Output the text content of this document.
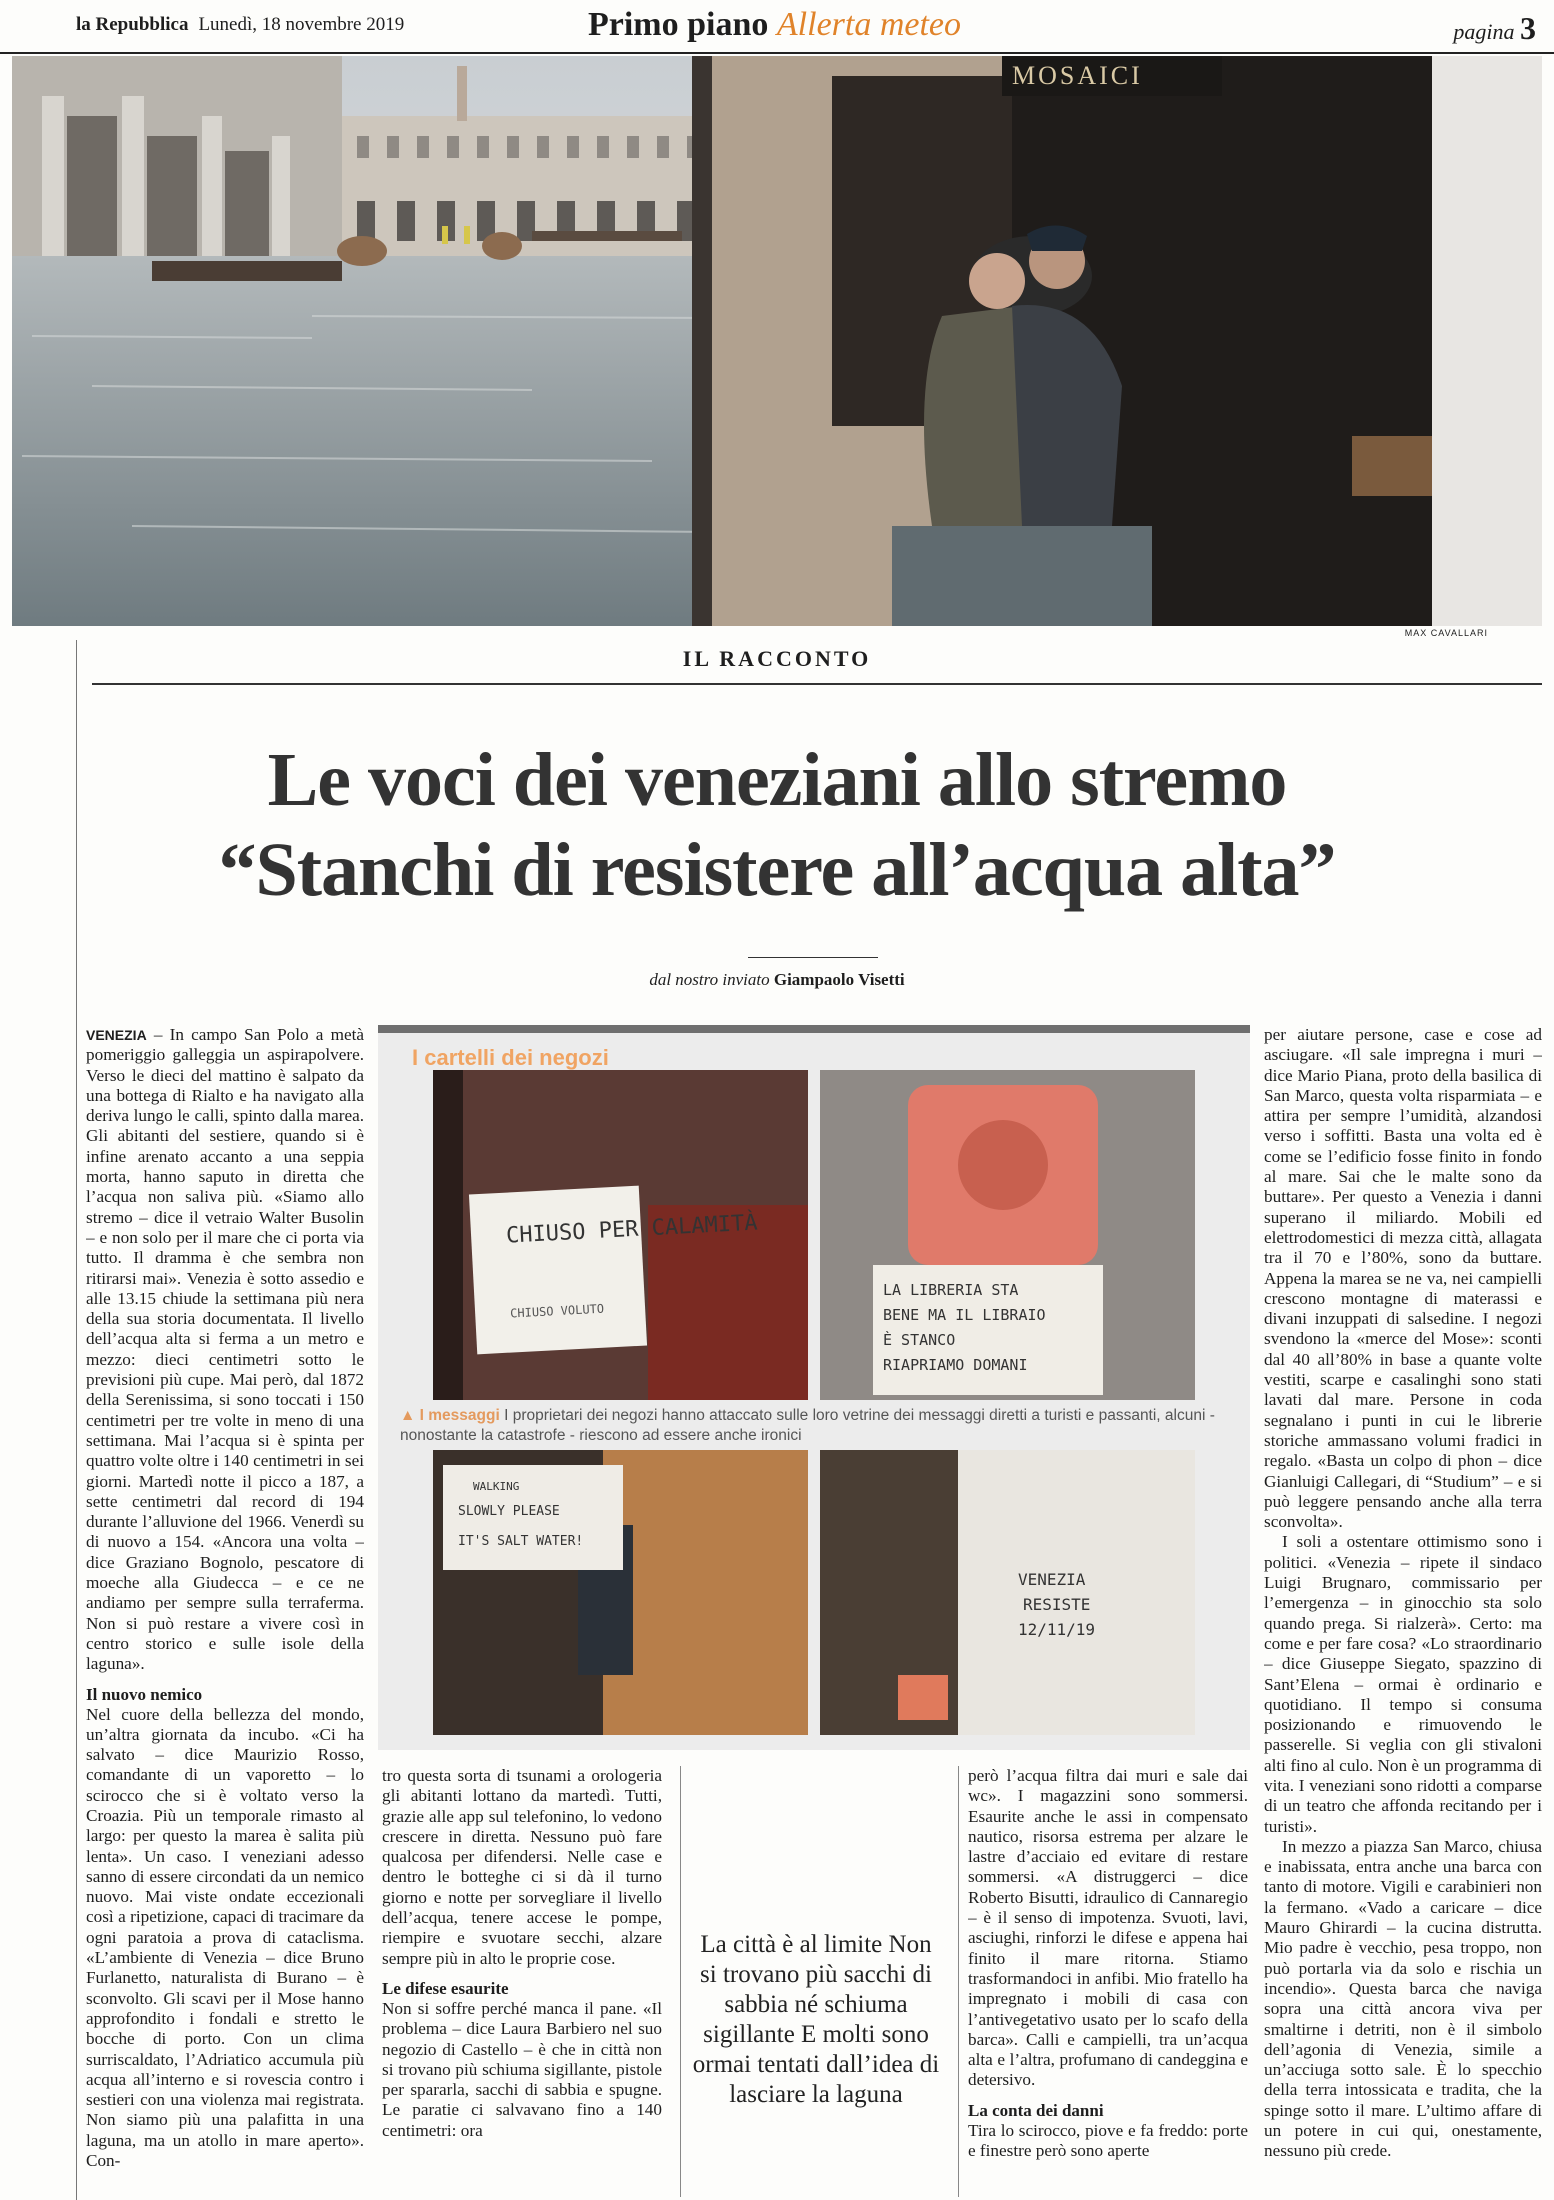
la Repubblica Lunedì, 18 novembre 2019	Primo piano Allerta meteo	pagina 3
MOSAICI
MAX CAVALLARI
IL RACCONTO
Le voci dei veneziani allo stremo
“Stanchi di resistere all’acqua alta”
dal nostro inviato Giampaolo Visetti

VENEZIA – In campo San Polo a metà pomeriggio galleggia un aspirapolvere. Verso le dieci del mattino è salpato da una bottega di Rialto e ha navigato alla deriva lungo le calli, spinto dalla marea. Gli abitanti del sestiere, quando si è infine arenato accanto a una seppia morta, hanno saputo in diretta che l’acqua non saliva più. «Siamo allo stremo – dice il vetraio Walter Busolin – e non solo per il mare che ci porta via tutto. Il dramma è che sembra non ritirarsi mai». Venezia è sotto assedio e alle 13.15 chiude la settimana più nera della sua storia documentata. Il livello dell’acqua alta si ferma a un metro e mezzo: dieci centimetri sotto le previsioni più cupe. Mai però, dal 1872 della Serenissima, si sono toccati i 150 centimetri per tre volte in meno di una settimana. Mai l’acqua si è spinta per quattro volte oltre i 140 centimetri in sei giorni. Martedì notte il picco a 187, a sette centimetri dal record di 194 durante l’alluvione del 1966. Venerdì su di nuovo a 154. «Ancora una volta – dice Graziano Bognolo, pescatore di moeche alla Giudecca – e ce ne andiamo per sempre sulla terraferma. Non si può restare a vivere così in centro storico e sulle isole della laguna».

Il nuovo nemico

Nel cuore della bellezza del mondo, un’altra giornata da incubo. «Ci ha salvato – dice Maurizio Rosso, comandante di un vaporetto – lo scirocco che si è voltato verso la Croazia. Più un temporale rimasto al largo: per questo la marea è salita più lenta». Un caso. I veneziani adesso sanno di essere circondati da un nemico nuovo. Mai viste ondate eccezionali così a ripetizione, capaci di tracimare da ogni paratoia a prova di cataclisma. «L’ambiente di Venezia – dice Bruno Furlanetto, naturalista di Burano – è sconvolto. Gli scavi per il Mose hanno approfondito i fondali e stretto le bocche di porto. Con un clima surriscaldato, l’Adriatico accumula più acqua all’interno e si rovescia contro i sestieri con una violenza mai registrata. Non siamo più una palafitta in una laguna, ma un atollo in mare aperto». Con-

CHIUSO PER CALAMITÀ
CHIUSO VOLUTO
LA LIBRERIA STA
BENE MA IL LIBRAIO
È STANCO
RIAPRIAMO DOMANI
WALKING
SLOWLY PLEASE
IT'S SALT WATER!
VENEZIA
RESISTE
12/11/19
I cartelli dei negozi
▲ I messaggi I proprietari dei negozi hanno attaccato sulle loro vetrine dei messaggi diretti a turisti e passanti, alcuni - nonostante la catastrofe - riescono ad essere anche ironici

tro questa sorta di tsunami a orologeria gli abitanti lottano da martedì. Tutti, grazie alle app sul telefonino, lo vedono crescere in diretta. Nessuno può fare qualcosa per difendersi. Nelle case e dentro le botteghe ci si dà il turno giorno e notte per sorvegliare il livello dell’acqua, tenere accese le pompe, riempire e svuotare secchi, alzare sempre più in alto le proprie cose.

Le difese esaurite

Non si soffre perché manca il pane. «Il problema – dice Laura Barbiero nel suo negozio di Castello – è che in città non si trovano più schiuma sigillante, pistole per spararla, sacchi di sabbia e spugne. Le paratie ci salvavano fino a 140 centimetri: ora

La città è al limite Non si trovano più sacchi di sabbia né schiuma sigillante E molti sono ormai tentati dall’idea di lasciare la laguna

però l’acqua filtra dai muri e sale dai wc». I magazzini sono sommersi. Esaurite anche le assi in compensato nautico, risorsa estrema per alzare le lastre d’acciaio ed evitare di restare sommersi. «A distruggerci – dice Roberto Bisutti, idraulico di Cannaregio – è il senso di impotenza. Svuoti, lavi, asciughi, rinforzi le difese e appena hai finito il mare ritorna. Stiamo trasformandoci in anfibi. Mio fratello ha impregnato i mobili di casa con l’antivegetativo usato per lo scafo della barca». Calli e campielli, tra un’acqua alta e l’altra, profumano di candeggina e detersivo.

La conta dei danni

Tira lo scirocco, piove e fa freddo: porte e finestre però sono aperte

per aiutare persone, case e cose ad asciugare. «Il sale impregna i muri – dice Mario Piana, proto della basilica di San Marco, questa volta risparmiata – e attira per sempre l’umidità, alzandosi verso i soffitti. Basta una volta ed è come se l’edificio fosse finito in fondo al mare. Sai che le malte sono da buttare». Per questo a Venezia i danni superano il miliardo. Mobili ed elettrodomestici di mezza città, allagata tra il 70 e l’80%, sono da buttare. Appena la marea se ne va, nei campielli crescono montagne di materassi e divani inzuppati di salsedine. I negozi svendono la «merce del Mose»: sconti dal 40 all’80% in base a quante volte vestiti, scarpe e casalinghi sono stati lavati dal mare. Persone in coda segnalano i punti in cui le librerie storiche ammassano volumi fradici in regalo. «Basta un colpo di phon – dice Gianluigi Callegari, di “Studium” – e si può leggere pensando anche alla terra sconvolta».

I soli a ostentare ottimismo sono i politici. «Venezia – ripete il sindaco Luigi Brugnaro, commissario per l’emergenza – in ginocchio sta solo quando prega. Si rialzerà». Certo: ma come e per fare cosa? «Lo straordinario – dice Giuseppe Siegato, spazzino di Sant’Elena – ormai è ordinario e quotidiano. Il tempo si consuma posizionando e rimuovendo le passerelle. Si veglia con gli stivaloni alti fino al culo. Non è un programma di vita. I veneziani sono ridotti a comparse di un teatro che affonda recitando per i turisti».

In mezzo a piazza San Marco, chiusa e inabissata, entra anche una barca con tanto di motore. Vigili e carabinieri non la fermano. «Vado a caricare – dice Mauro Ghirardi – la cucina distrutta. Mio padre è vecchio, pesa troppo, non può portarla via da solo e rischia un incendio». Questa barca che naviga sopra una città ancora viva per smaltirne i detriti, non è il simbolo dell’agonia di Venezia, simile a un’acciuga sotto sale. È lo specchio della terra intossicata e tradita, che la spinge sotto il mare. L’ultimo affare di un potere in cui qui, onestamente, nessuno più crede.
